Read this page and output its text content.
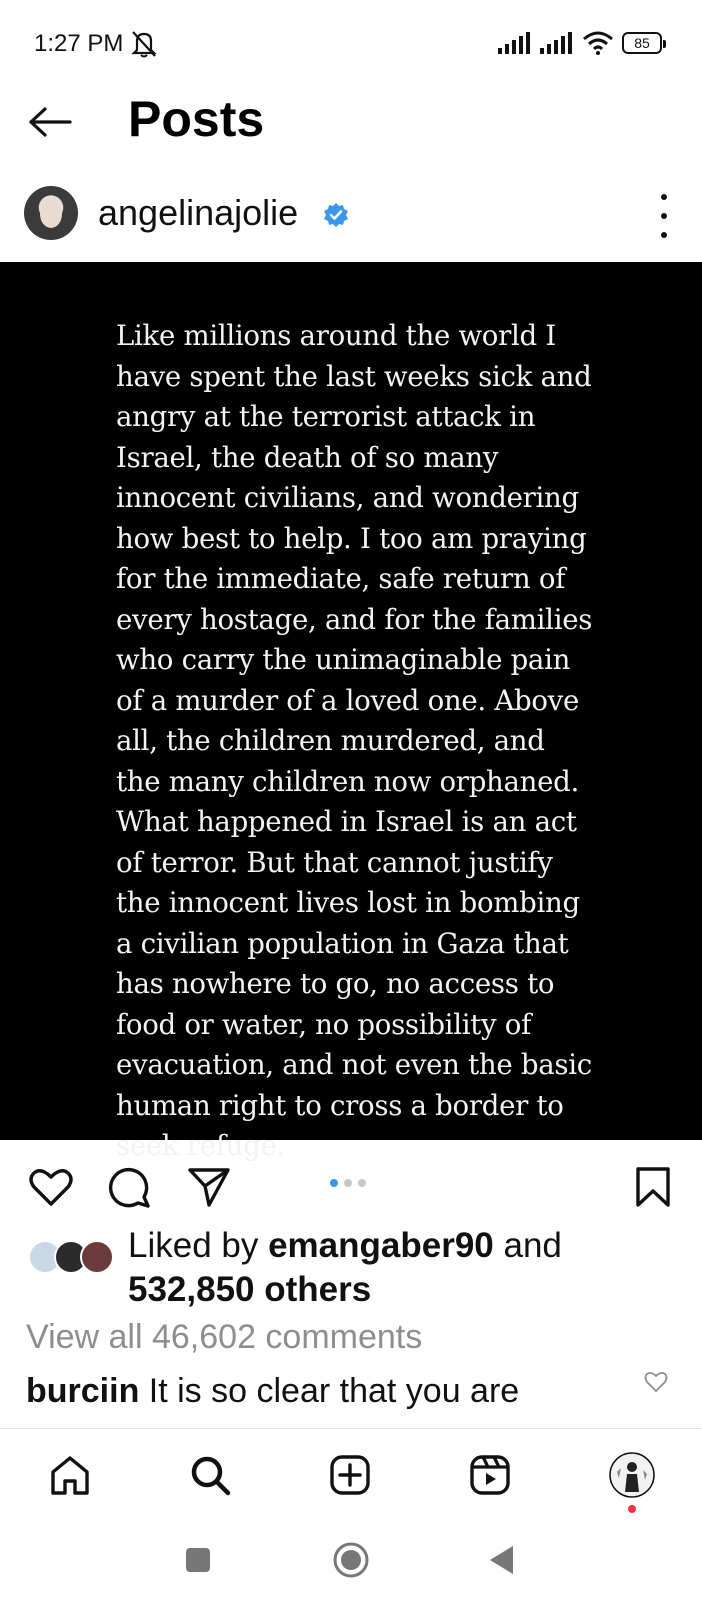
1:27 PM	85
Posts
angelinajolie
Like millions around the world I have spent the last weeks sick and angry at the terrorist attack in Israel, the death of so many innocent civilians, and wondering how best to help. I too am praying for the immediate, safe return of every hostage, and for the families who carry the unimaginable pain of a murder of a loved one. Above all, the children murdered, and the many children now orphaned. What happened in Israel is an act of terror. But that cannot justify the innocent lives lost in bombing a civilian population in Gaza that has nowhere to go, no access to food or water, no possibility of evacuation, and not even the basic human right to cross a border to seek refuge.
Liked by emangaber90 and
532,850 others
View all 46,602 comments
burciin It is so clear that you are
